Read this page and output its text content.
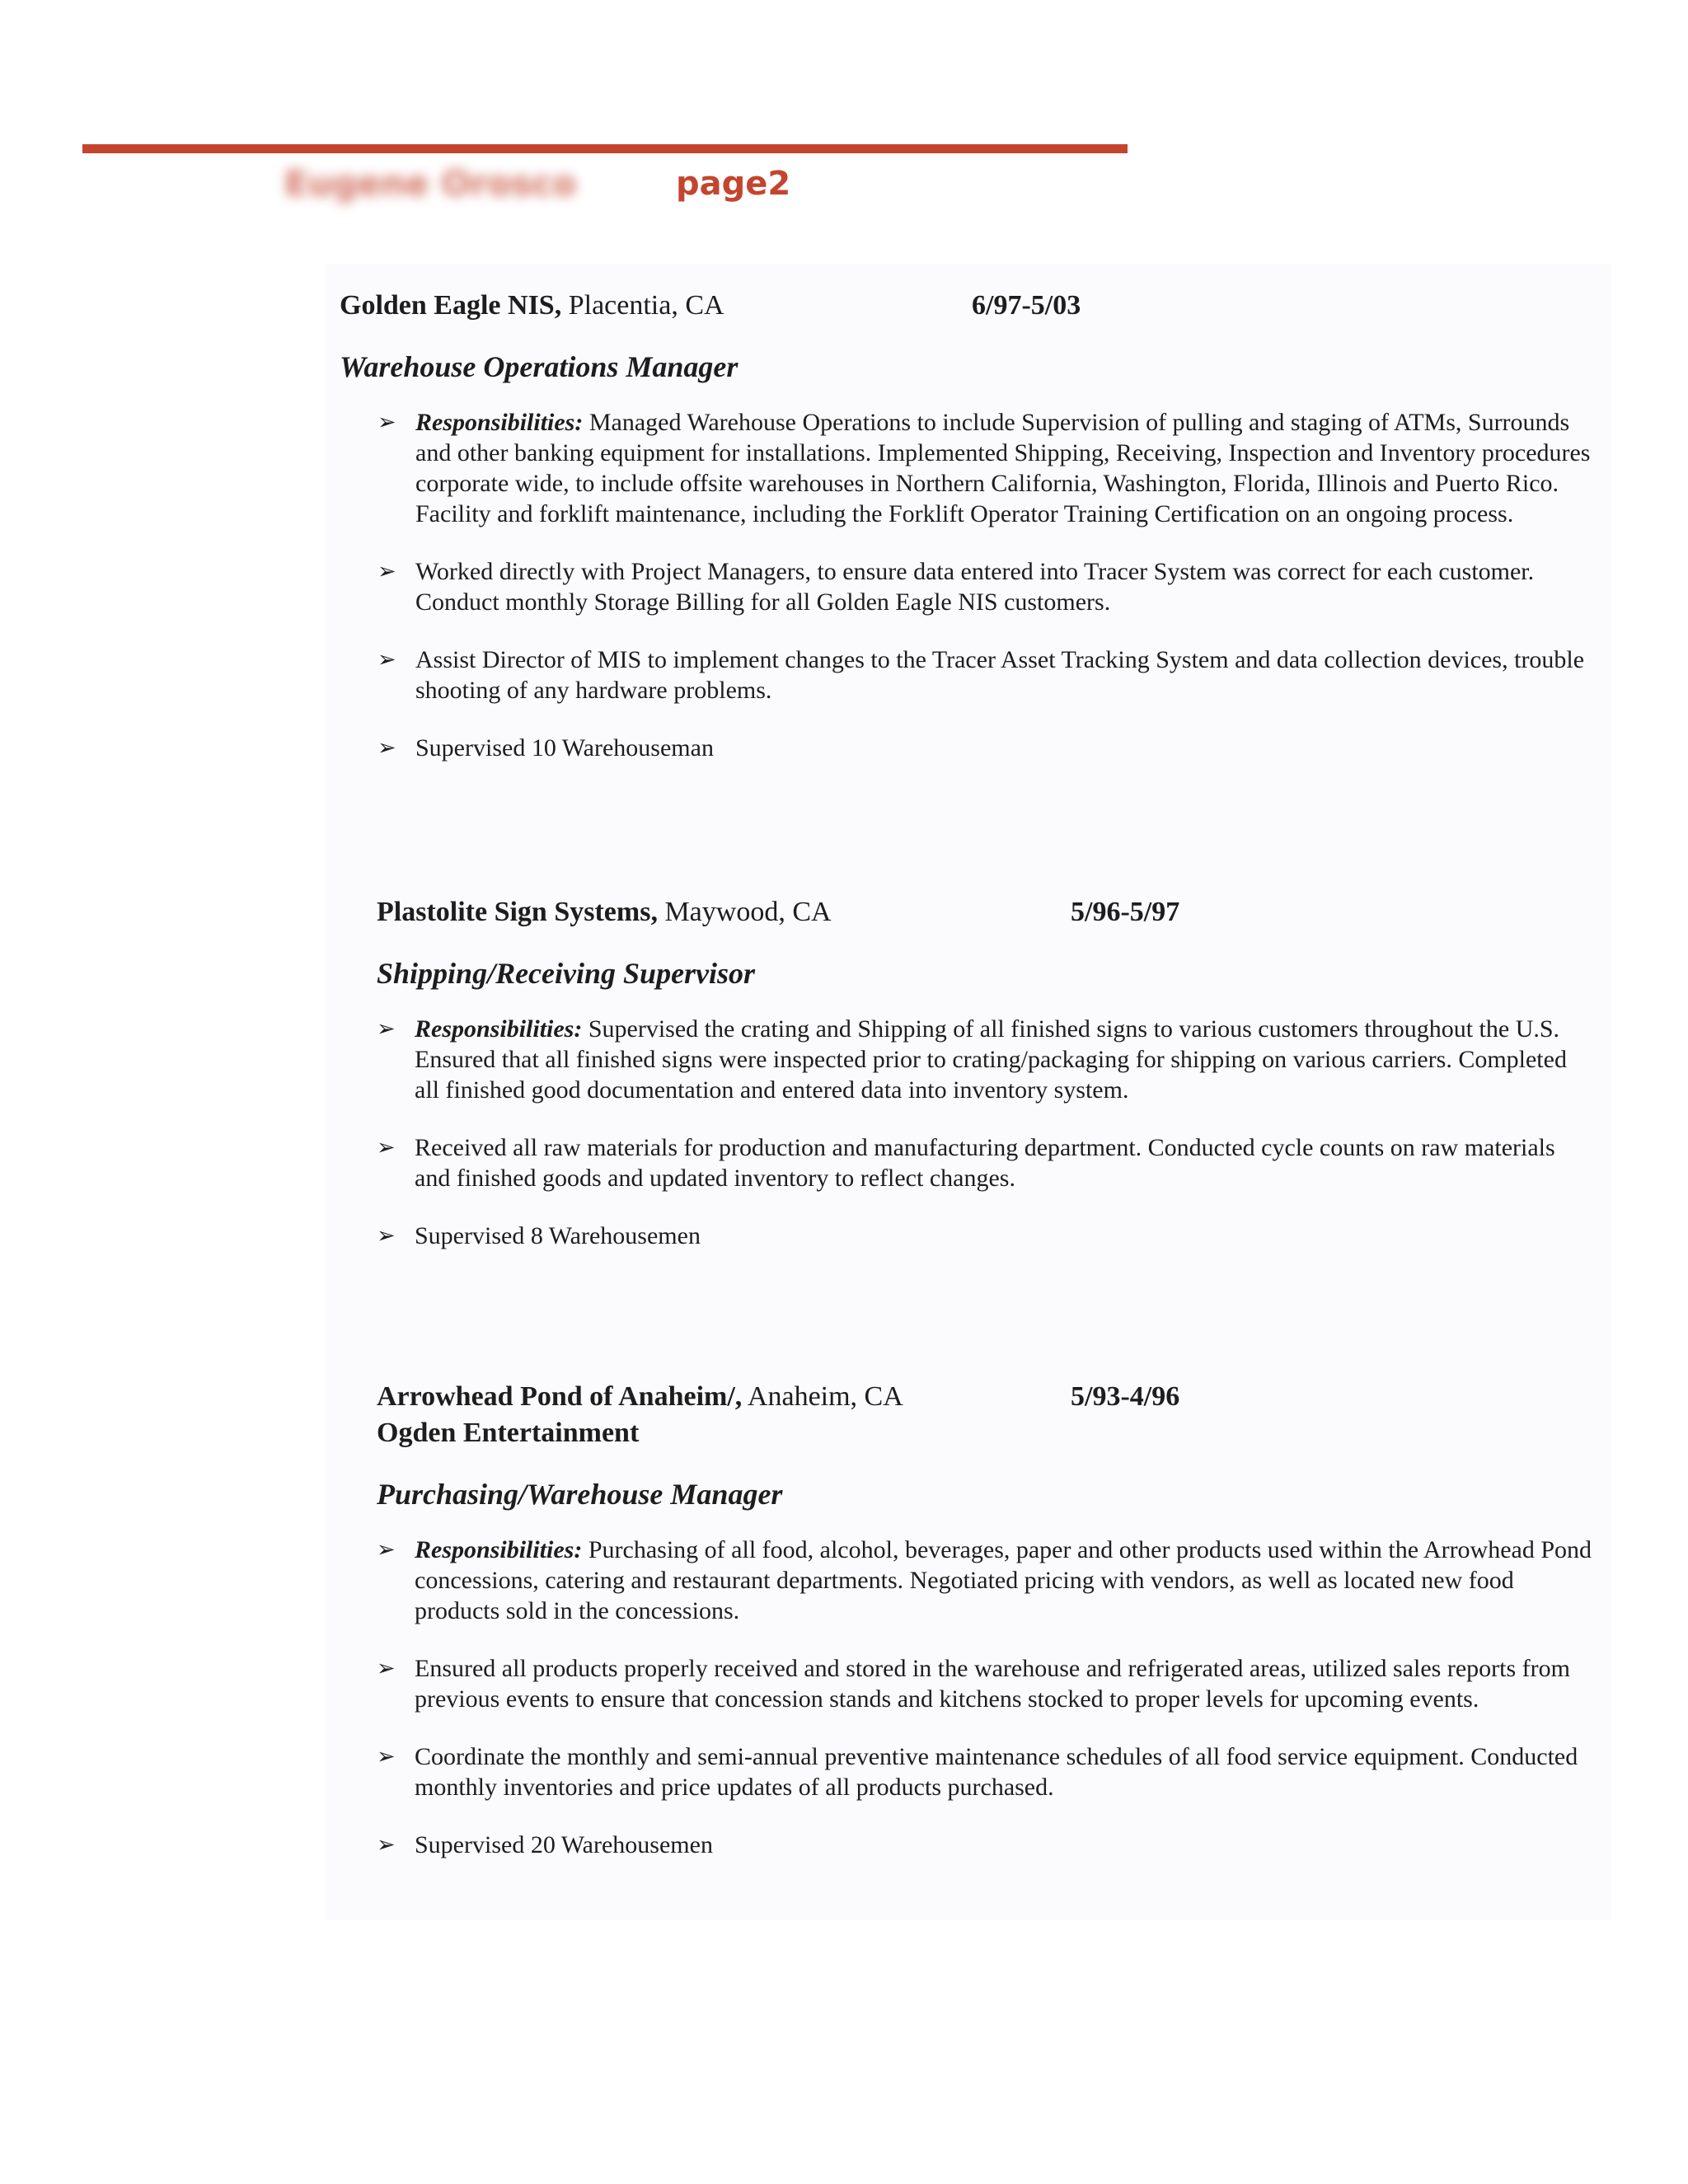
Eugene Orosco	page2
Golden Eagle NIS, Placentia, CA	6/97-5/03
Warehouse Operations Manager
➢ Responsibilities: Managed Warehouse Operations to include Supervision of pulling and staging of ATMs, Surrounds and other banking equipment for installations. Implemented Shipping, Receiving, Inspection and Inventory procedures corporate wide, to include offsite warehouses in Northern California, Washington, Florida, Illinois and Puerto Rico. Facility and forklift maintenance, including the Forklift Operator Training Certification on an ongoing process.
➢ Worked directly with Project Managers, to ensure data entered into Tracer System was correct for each customer. Conduct monthly Storage Billing for all Golden Eagle NIS customers.
➢ Assist Director of MIS to implement changes to the Tracer Asset Tracking System and data collection devices, trouble shooting of any hardware problems.
➢ Supervised 10 Warehouseman
Plastolite Sign Systems, Maywood, CA	5/96-5/97
Shipping/Receiving Supervisor
➢ Responsibilities: Supervised the crating and Shipping of all finished signs to various customers throughout the U.S. Ensured that all finished signs were inspected prior to crating/packaging for shipping on various carriers. Completed all finished good documentation and entered data into inventory system.
➢ Received all raw materials for production and manufacturing department. Conducted cycle counts on raw materials and finished goods and updated inventory to reflect changes.
➢ Supervised 8 Warehousemen
Arrowhead Pond of Anaheim/, Anaheim, CA	5/93-4/96
Ogden Entertainment
Purchasing/Warehouse Manager
➢ Responsibilities: Purchasing of all food, alcohol, beverages, paper and other products used within the Arrowhead Pond concessions, catering and restaurant departments. Negotiated pricing with vendors, as well as located new food products sold in the concessions.
➢ Ensured all products properly received and stored in the warehouse and refrigerated areas, utilized sales reports from previous events to ensure that concession stands and kitchens stocked to proper levels for upcoming events.
➢ Coordinate the monthly and semi-annual preventive maintenance schedules of all food service equipment. Conducted monthly inventories and price updates of all products purchased.
➢ Supervised 20 Warehousemen
